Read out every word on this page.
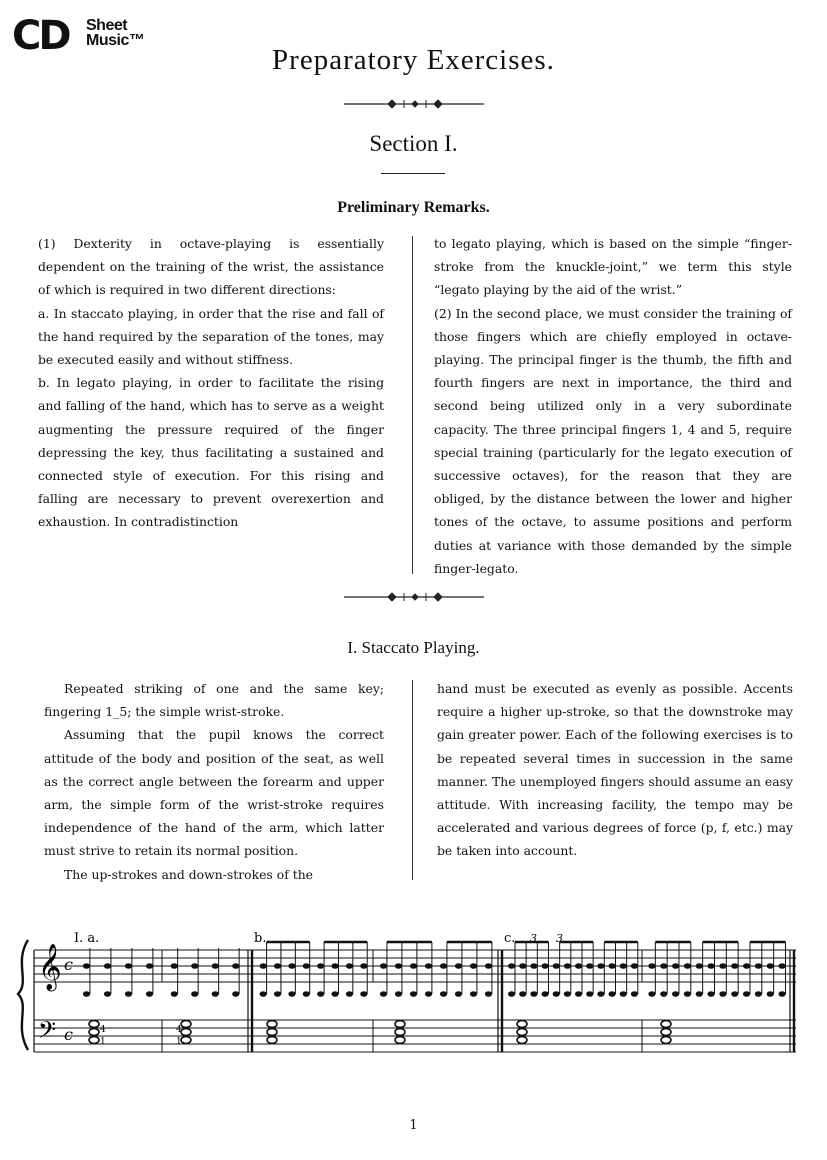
CD Sheet
Music™
Preparatory Exercises.
Section I.
Preliminary Remarks.

(1) Dexterity in octave-playing is essentially dependent on the training of the wrist, the assistance of which is required in two different directions:

a. In staccato playing, in order that the rise and fall of the hand required by the separation of the tones, may be executed easily and without stiffness.

b. In legato playing, in order to facilitate the rising and falling of the hand, which has to serve as a weight augmenting the pressure required of the finger depressing the key, thus facilitating a sustained and connected style of execution. For this rising and falling are necessary to prevent overexertion and exhaustion. In contradistinction

to legato playing, which is based on the simple “finger-stroke from the knuckle-joint,” we term this style “legato playing by the aid of the wrist.”

(2) In the second place, we must consider the training of those fingers which are chiefly employed in octave-playing. The principal finger is the thumb, the fifth and fourth fingers are next in importance, the third and second being utilized only in a very subordinate capacity. The three principal fingers 1, 4 and 5, require special training (particularly for the legato execution of successive octaves), for the reason that they are obliged, by the distance between the lower and higher tones of the octave, to assume positions and perform duties at variance with those demanded by the simple finger-legato.

I. Staccato Playing.

Repeated striking of one and the same key; fingering 1_5; the simple wrist-stroke.

Assuming that the pupil knows the correct attitude of the body and position of the seat, as well as the correct angle between the forearm and upper arm, the simple form of the wrist-stroke requires independence of the hand of the arm, which latter must strive to retain its normal position.

The up-strokes and down-strokes of the

hand must be executed as evenly as possible. Accents require a higher up-stroke, so that the downstroke may gain greater power. Each of the following exercises is to be repeated several times in succession in the same manner. The unemployed fingers should assume an easy attitude. With increasing facility, the tempo may be accelerated and various degrees of force (p, f, etc.) may be taken into account.

𝄞
𝄢
c
c
I. a.	b.	c. 3 3
4
1
4
1
1
